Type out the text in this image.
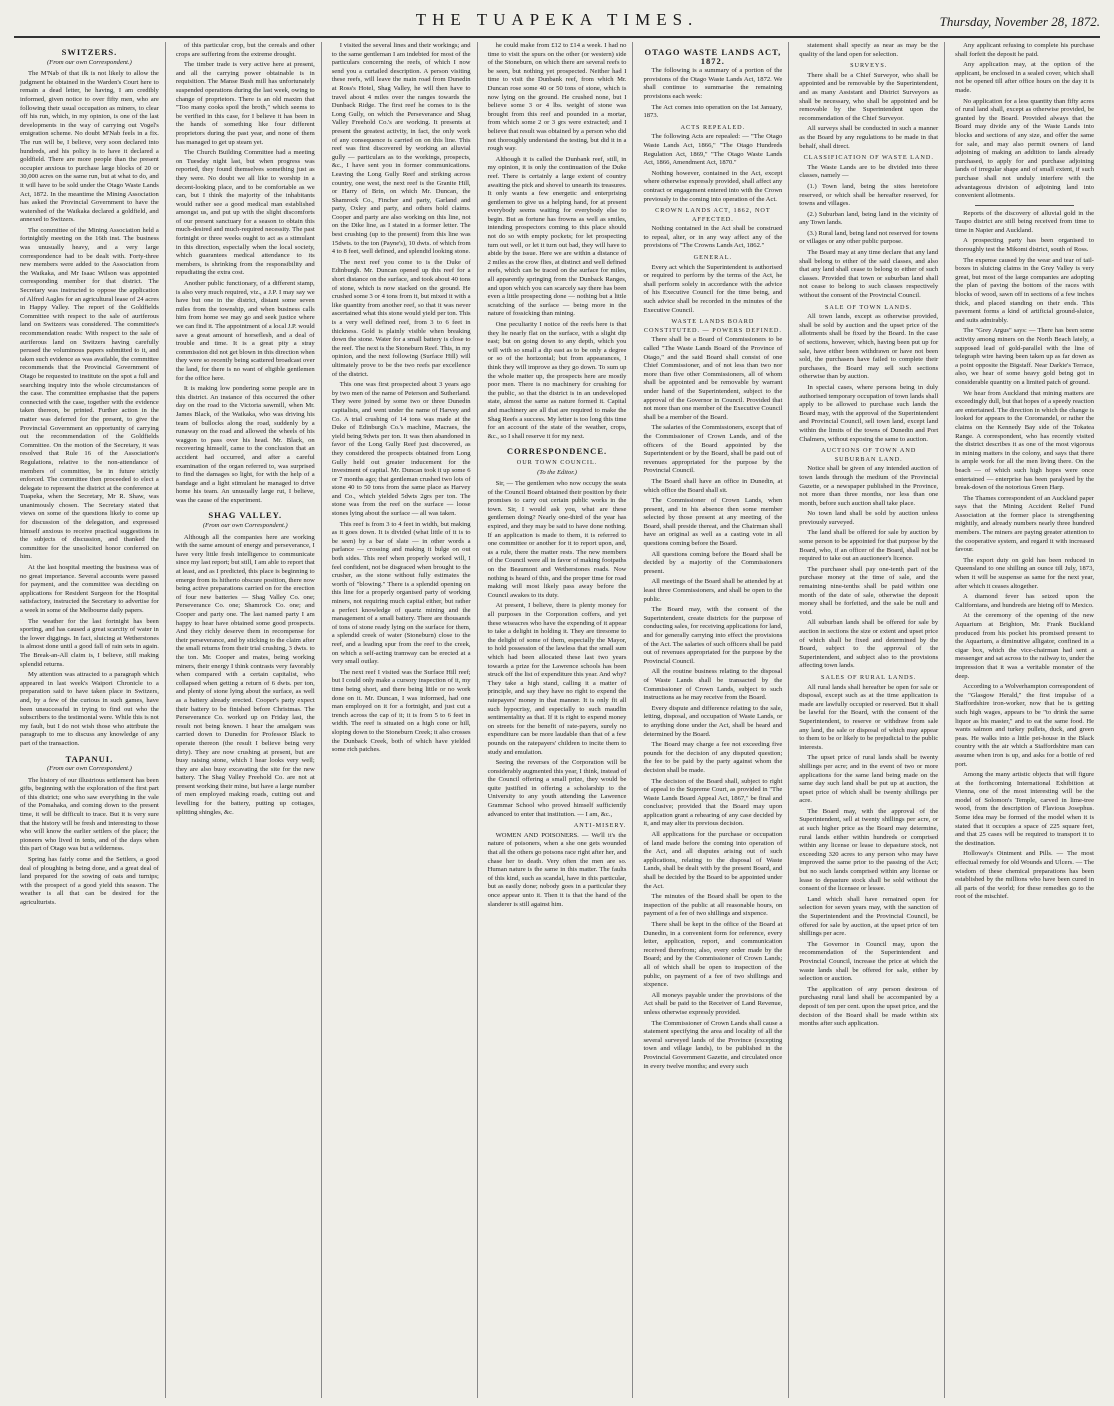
THE TUAPEKA TIMES.	Thursday, November 28, 1872.
SWITZERS.
(From our own Correspondent.)

The M'Nab of that ilk is not likely to allow the judgment he obtained in the Warden's Court here to remain a dead letter, he having, I am credibly informed, given notice to over fifty men, who are following their usual occupation as miners, to clear off his run, which, in my opinion, is one of the last developments in the way of carrying out Vogel's emigration scheme. No doubt M'Nab feels in a fix. The run will be, I believe, very soon declared into hundreds, and his policy is to have it declared a goldfield. There are more people than the present occupier anxious to purchase large blocks of 20 or 30,000 acres on the same run, but at what to do, and it will have to be sold under the Otago Waste Lands Act, 1872. In the meantime the Mining Association has asked the Provincial Government to have the watershed of the Waikaka declared a goldfield, and annexed to Switzers.

The committee of the Mining Association held a fortnightly meeting on the 16th inst. The business was unusually heavy, and a very large correspondence had to be dealt with. Forty-three new members were added to the Association from the Waikaka, and Mr Isaac Wilson was appointed corresponding member for that district. The Secretary was instructed to oppose the application of Alfred Aagles for an agricultural lease of 24 acres in Happy Valley. The report of the Goldfields Committee with respect to the sale of auriferous land on Switzers was considered. The committee's recommendation reads: With respect to the sale of auriferous land on Switzers having carefully perused the voluminous papers submitted to it, and taken such evidence as was available, the committee recommends that the Provincial Government of Otago be requested to institute on the spot a full and searching inquiry into the whole circumstances of the case. The committee emphasise that the papers connected with the case, together with the evidence taken thereon, be printed. Further action in the matter was deferred for the present, to give the Provincial Government an opportunity of carrying out the recommendation of the Goldfields Committee. On the motion of the Secretary, it was resolved that Rule 16 of the Association's Regulations, relative to the non-attendance of members of committee, be in future strictly enforced. The committee then proceeded to elect a delegate to represent the district at the conference at Tuapeka, when the Secretary, Mr R. Shaw, was unanimously chosen. The Secretary stated that views on some of the questions likely to come up for discussion of the delegation, and expressed himself anxious to receive practical suggestions in the subjects of discussion, and thanked the committee for the unsolicited honor conferred on him.

At the last hospital meeting the business was of no great importance. Several accounts were passed for payment, and the committee was deciding on applications for Resident Surgeon for the Hospital satisfactory, instructed the Secretary to advertise for a week in some of the Melbourne daily papers.

The weather for the last fortnight has been sporting, and has caused a great scarcity of water in the lower diggings. In fact, sluicing at Wetherstones is almost done until a good fall of rain sets in again. The Break-an-All claim is, I believe, still making splendid returns.

My attention was attracted to a paragraph which appeared in last week's Waipori Chronicle to a preparation said to have taken place in Switzers, and, by a few of the curious in such games, have been unsuccessful in trying to find out who the subscribers to the testimonial were. While this is not my fault, but I do not wish those who attribute the paragraph to me to discuss any knowledge of any part of the transaction.

TAPANUI.
(From our own Correspondent.)

The history of our illustrious settlement has been gifts, beginning with the exploration of the first part of this district; one who saw everything in the vale of the Pomahaka, and coming down to the present time, it will be difficult to trace. But it is very sure that the history will be fresh and interesting to those who will know the earlier settlers of the place; the pioneers who lived in tents, and of the days when this part of Otago was but a wilderness.

Spring has fairly come and the Settlers, a good deal of ploughing is being done, and a great deal of land prepared for the sowing of oats and turnips; with the prospect of a good yield this season. The weather is all that can be desired for the agriculturists.

of this particular crop, but the cereals and other crops are suffering from the extreme drought.

The timber trade is very active here at present, and all the carrying power obtainable is in requisition. The Manse Bush mill has unfortunately suspended operations during the last week, owing to change of proprietors. There is an old maxim that "Too many cooks spoil the broth," which seems to be verified in this case, for I believe it has been in the hands of something like four different proprietors during the past year, and none of them has managed to get up steam yet.

The Church Building Committee had a meeting on Tuesday night last, but when progress was reported, they found themselves something just as they were. No doubt we all like to worship in a decent-looking place, and to be comfortable as we can, but I think the majority of the inhabitants would rather see a good medical man established amongst us, and put up with the slight discomforts of our present sanctuary for a season to obtain this much-desired and much-required necessity. The past fortnight or three weeks ought to act as a stimulant in this direction, especially when the local society, which guarantees medical attendance to its members, is shrinking from the responsibility and repudiating the extra cost.

Another public functionary, of a different stamp, is also very much required, viz., a J.P. I may say we have but one in the district, distant some seven miles from the township, and when business calls him from home we may go and seek justice where we can find it. The appointment of a local J.P. would save a great amount of horseflesh, and a deal of trouble and time. It is a great pity a stray commission did not get blown in this direction when they were so recently being scattered broadcast over the land, for there is no want of eligible gentlemen for the office here.

It is making low pondering some people are in this district. An instance of this occurred the other day on the road to the Victoria sawmill, when Mr. James Black, of the Waikaka, who was driving his team of bullocks along the road, suddenly by a runaway on the road and allowed the wheels of his waggon to pass over his head. Mr. Black, on recovering himself, came to the conclusion that an accident had occurred, and after a careful examination of the organ referred to, was surprised to find the damages so light, for with the help of a bandage and a light stimulant he managed to drive home his team. An unusually large rut, I believe, was the cause of the experiment.

SHAG VALLEY.
(From our own Correspondent.)

Although all the companies here are working with the same amount of energy and perseverance, I have very little fresh intelligence to communicate since my last report; but still, I am able to report that at least, and as I predicted, this place is beginning to emerge from its hitherto obscure position, there now being active preparations carried on for the erection of four new batteries — Shag Valley Co. one; Perseverance Co. one; Shamrock Co. one; and Cooper and party one. The last named party I am happy to hear have obtained some good prospects. And they richly deserve them in recompense for their perseverance, and by sticking to the claim after the small returns from their trial crushing, 3 dwts. to the ton. Mr. Cooper and mates, being working miners, their energy I think contrasts very favorably when compared with a certain capitalist, who collapsed when getting a return of 6 dwts. per ton, and plenty of stone lying about the surface, as well as a battery already erected. Cooper's party expect their battery to be finished before Christmas. The Perseverance Co. worked up on Friday last, the result not being known. I hear the amalgam was carried down to Dunedin for Professor Black to operate thereon (the result I believe being very dirty). They are now crushing at present, but are busy raising stone, which I hear looks very well; they are also busy excavating the site for the new battery. The Shag Valley Freehold Co. are not at present working their mine, but have a large number of men employed making roads, cutting out and levelling for the battery, putting up cottages, splitting shingles, &c.

I visited the several lines and their workings; and to the same gentleman I am indebted for most of the particulars concerning the reefs, of which I now send you a curtailed description. A person visiting these reefs, will leave the main road from Dunedin at Ross's Hotel, Shag Valley, he will then have to travel about 4 miles over the ranges towards the Dunback Ridge. The first reef he comes to is the Long Gully, on which the Perseverance and Shag Valley Freehold Co.'s are working. It presents at present the greatest activity, in fact, the only work of any consequence is carried on on this line. This reef was first discovered by working an alluvial gully — particulars as to the workings, prospects, &c., I have sent you in former communications. Leaving the Long Gully Reef and striking across country, one west, the next reef is the Granite Hill, or Harry of Brin, on which Mr. Duncan, the Shamrock Co., Fincher and party, Garland and party, Oxley and party, and others hold claims. Cooper and party are also working on this line, not on the Dike line, as I stated in a former letter. The best crushing (up to the present) from this line was 15dwts. to the ton (Payne's), 10 dwts. of which from 4 to 8 feet, well defined, and splendid looking stone.

The next reef you come to is the Duke of Edinburgh. Mr. Duncan opened up this reef for a short distance on the surface, and took about 40 tons of stone, which is now stacked on the ground. He crushed some 3 or 4 tons from it, but mixed it with a like quantity from another reef, so that it was never ascertained what this stone would yield per ton. This is a very well defined reef, from 3 to 6 feet in thickness. Gold is plainly visible when breaking down the stone. Water for a small battery is close to the reef. The next is the Stoneburn Reef. This, in my opinion, and the next following (Surface Hill) will ultimately prove to be the two reefs par excellence of the district.

This one was first prospected about 3 years ago by two men of the name of Peterson and Sutherland. They were joined by some two or three Dunedin capitalists, and went under the name of Harvey and Co. A trial crushing of 14 tons was made at the Duke of Edinburgh Co.'s machine, Macraes, the yield being 9dwts per ton. It was then abandoned in favor of the Long Gully Reef just discovered, as they considered the prospects obtained from Long Gully held out greater inducement for the investment of capital. Mr. Duncan took it up some 6 or 7 months ago; that gentleman crushed two lots of stone 40 to 50 tons from the same place as Harvey and Co., which yielded 5dwts 2grs per ton. The stone was from the reef on the surface — loose stones lying about the surface — all was taken.

This reef is from 3 to 4 feet in width, but making as it goes down. It is divided (what little of it is to be seen) by a bar of slate — in other words a parlance — crossing and making it bulge on out both sides. This reef when properly worked will, I feel confident, not be disgraced when brought to the crusher, as the stone without fully estimates the worth of "blowing." There is a splendid opening on this line for a properly organised party of working miners, not requiring much capital either, but rather a perfect knowledge of quartz mining and the management of a small battery. There are thousands of tons of stone ready lying on the surface for them, a splendid creek of water (Stoneburn) close to the reef, and a leading spur from the reef to the creek, on which a self-acting tramway can be erected at a very small outlay.

The next reef I visited was the Surface Hill reef; but I could only make a cursory inspection of it, my time being short, and there being little or no work done on it. Mr. Duncan, I was informed, had one man employed on it for a fortnight, and just cut a trench across the cap of it; it is from 5 to 6 feet in width. The reef is situated on a high cone or hill, sloping down to the Stoneburn Creek; it also crosses the Dunback Creek, both of which have yielded some rich patches.

he could make from £12 to £14 a week. I had no time to visit the spurs on the other (or western) side of the Stoneburn, on which there are several reefs to be seen, but nothing yet prospected. Neither had I time to visit the Dunbank reef, from which Mr. Duncan rose some 40 or 50 tons of stone, which is now lying on the ground. He crushed none, but I believe some 3 or 4 lbs. weight of stone was brought from this reef and pounded in a mortar, from which some 2 or 3 grs were extracted; and I believe that result was obtained by a person who did not thoroughly understand the testing, but did it in a rough way.

Although it is called the Dunbank reef, still, in my opinion, it is only the continuation of the Duke reef. There is certainly a large extent of country awaiting the pick and shovel to unearth its treasures. It only wants a few energetic and enterprising gentlemen to give us a helping hand, for at present everybody seems waiting for everybody else to begin. But as fortune has frowns as well as smiles, intending prospectors coming to this place should not do so with empty pockets; for let prospecting turn out well, or let it turn out bad, they will have to abide by the issue. Here we are within a distance of 2 miles as the crow flies, at distinct and well defined reefs, which can be traced on the surface for miles, all apparently springing from the Dunback Ranges, and upon which you can scarcely say there has been even a little prospecting done — nothing but a little scratching of the surface — being more in the nature of fossicking than mining.

One peculiarity I notice of the reefs here is that they lie nearly flat on the surface, with a slight dip east; but on going down to any depth, which you will with so small a dip east as to be only a degree or so of the horizontal; but from appearances, I think they will improve as they go down. To sum up the whole matter up, the prospects here are mostly poor men. There is no machinery for crushing for the public, so that the district is in an undeveloped state, almost the same as nature formed it. Capital and machinery are all that are required to make the Shag Reefs a success. My letter is too long this time for an account of the state of the weather, crops, &c., so I shall reserve it for my next.

CORRESPONDENCE.
OUR TOWN COUNCIL.
(To the Editor.)

Sir, — The gentlemen who now occupy the seats of the Council Board obtained their position by their promises to carry out certain public works in the town. Sir, I would ask you, what are these gentlemen doing? Nearly one-third of the year has expired, and they may be said to have done nothing. If an application is made to them, it is referred to one committee or another for it to report upon, and, as a rule, there the matter rests. The new members of the Council were all in favor of making footpaths on the Beaumont and Wetherstones roads. Now nothing is heard of this, and the proper time for road making will most likely pass away before the Council awakes to its duty.

At present, I believe, there is plenty money for all purposes in the Corporation coffers, and yet these wiseacres who have the expending of it appear to take a delight in holding it. They are tiresome to the delight of some of them, especially the Mayor, to hold possession of the lawless that the small sum which had been allocated these last two years towards a prize for the Lawrence schools has been struck off the list of expenditure this year. And why? They take a high stand, calling it a matter of principle, and say they have no right to expend the ratepayers' money in that manner. It is only fit all such hypocrisy, and especially to such maudlin sentimentality as that. If it is right to expend money on streets for the benefit of rate-payers, surely no expenditure can be more laudable than that of a few pounds on the ratepayers' children to incite them to study and emulation.

Seeing the reverses of the Corporation will be considerably augmented this year, I think, instead of the Council offering a small prize, they would be quite justified in offering a scholarship to the University to any youth attending the Lawrence Grammar School who proved himself sufficiently advanced to enter that institution. — I am, &c.,

ANTI-MISERY.

WOMEN AND POISONERS. — We'll it's the nature of poisoners, when a she one gets wounded that all the others go poisons race right after her, and chase her to death. Very often the men are so. Human nature is the same in this matter. The faults of this kind, such as scandal, have in this particular, but as easily done; nobody goes in a particular they once appear unto it. Then it is that the hand of the slanderer is still against him.

OTAGO WASTE LANDS ACT, 1872.

The following is a summary of a portion of the provisions of the Otago Waste Lands Act, 1872. We shall continue to summarise the remaining provisions each week:

The Act comes into operation on the 1st January, 1873.

ACTS REPEALED.

The following Acts are repealed: — "The Otago Waste Lands Act, 1866," "The Otago Hundreds Regulation Act, 1869," "The Otago Waste Lands Act, 1866, Amendment Act, 1870."

Nothing however, contained in the Act, except where otherwise expressly provided, shall affect any contract or engagement entered into with the Crown previously to the coming into operation of the Act.

CROWN LANDS ACT, 1862, NOT AFFECTED.

Nothing contained in the Act shall be construed to repeal, alter, or in any way affect any of the provisions of "The Crowns Lands Act, 1862."

GENERAL.

Every act which the Superintendent is authorised or required to perform by the terms of the Act, he shall perform solely in accordance with the advice of his Executive Council for the time being, and such advice shall be recorded in the minutes of the Executive Council.

WASTE LANDS BOARD CONSTITUTED. — POWERS DEFINED.

There shall be a Board of Commissioners to be called "The Waste Lands Board of the Province of Otago," and the said Board shall consist of one Chief Commissioner, and of not less than two nor more than five other Commissioners, all of whom shall be appointed and be removable by warrant under hand of the Superintendent, subject to the approval of the Governor in Council. Provided that not more than one member of the Executive Council shall be a member of the Board.

The salaries of the Commissioners, except that of the Commissioner of Crown Lands, and of the officers of the Board appointed by the Superintendent or by the Board, shall be paid out of revenues appropriated for the purpose by the Provincial Council.

The Board shall have an office in Dunedin, at which office the Board shall sit.

The Commissioner of Crown Lands, when present, and in his absence then some member selected by those present at any meeting of the Board, shall preside thereat, and the Chairman shall have an original as well as a casting vote in all questions coming before the Board.

All questions coming before the Board shall be decided by a majority of the Commissioners present.

All meetings of the Board shall be attended by at least three Commissioners, and shall be open to the public.

The Board may, with the consent of the Superintendent, create districts for the purpose of conducting sales, for receiving applications for land, and for generally carrying into effect the provisions of the Act. The salaries of such officers shall be paid out of revenues appropriated for the purpose by the Provincial Council.

All the routine business relating to the disposal of Waste Lands shall be transacted by the Commissioner of Crown Lands, subject to such instructions as he may receive from the Board.

Every dispute and difference relating to the sale, letting, disposal, and occupation of Waste Lands, or to anything done under the Act, shall be heard and determined by the Board.

The Board may charge a fee not exceeding five pounds for the decision of any disputed question; the fee to be paid by the party against whom the decision shall be made.

The decision of the Board shall, subject to right of appeal to the Supreme Court, as provided in "The Waste Lands Board Appeal Act, 1867," be final and conclusive; provided that the Board may upon application grant a rehearing of any case decided by it, and may alter its previous decision.

All applications for the purchase or occupation of land made before the coming into operation of the Act, and all disputes arising out of such applications, relating to the disposal of Waste Lands, shall be dealt with by the present Board, and shall be decided by the Board to be appointed under the Act.

The minutes of the Board shall be open to the inspection of the public at all reasonable hours, on payment of a fee of two shillings and sixpence.

There shall be kept in the office of the Board at Dunedin, in a convenient form for reference, every letter, application, report, and communication received therefrom; also, every order made by the Board; and by the Commissioner of Crown Lands; all of which shall be open to inspection of the public, on payment of a fee of two shillings and sixpence.

All moneys payable under the provisions of the Act shall be paid to the Receiver of Land Revenue, unless otherwise expressly provided.

The Commissioner of Crown Lands shall cause a statement specifying the area and locality of all the several surveyed lands of the Province (excepting town and village lands), to be published in the Provincial Government Gazette, and circulated once in every twelve months; and every such

statement shall specify as near as may be the quality of the land open for selection.

SURVEYS.

There shall be a Chief Surveyor, who shall be appointed and be removable by the Superintendent, and as many Assistant and District Surveyors as shall be necessary, who shall be appointed and be removable by the Superintendent upon the recommendation of the Chief Surveyor.

All surveys shall be conducted in such a manner as the Board by any regulations to be made in that behalf, shall direct.

CLASSIFICATION OF WASTE LAND.

The Waste Lands are to be divided into three classes, namely —

(1.) Town land, being the sites heretofore reserved, or which shall be hereafter reserved, for towns and villages.

(2.) Suburban land, being land in the vicinity of any Town lands.

(3.) Rural land, being land not reserved for towns or villages or any other public purpose.

The Board may at any time declare that any land shall belong to either of the said classes, and also that any land shall cease to belong to either of such classes. Provided that town or suburban land shall not cease to belong to such classes respectively without the consent of the Provincial Council.

SALE OF TOWN LANDS.

All town lands, except as otherwise provided, shall be sold by auction and the upset price of the allotments shall be fixed by the Board. In the case of sections, however, which, having been put up for sale, have either been withdrawn or have not been sold, the purchasers have failed to complete their purchases, the Board may sell such sections otherwise than by auction.

In special cases, where persons being in duly authorised temporary occupation of town lands shall apply to be allowed to purchase such lands the Board may, with the approval of the Superintendent and Provincial Council, sell town land, except land within the limits of the towns of Dunedin and Port Chalmers, without exposing the same to auction.

AUCTIONS OF TOWN AND SUBURBAN LAND.

Notice shall be given of any intended auction of town lands through the medium of the Provincial Gazette, or a newspaper published in the Province, not more than three months, nor less than one month, before such auction shall take place.

No town land shall be sold by auction unless previously surveyed.

The land shall be offered for sale by auction by some person to be appointed for that purpose by the Board, who, if an officer of the Board, shall not be required to take out an auctioneer's licence.

The purchaser shall pay one-tenth part of the purchase money at the time of sale, and the remaining nine-tenths shall be paid within one month of the date of sale, otherwise the deposit money shall be forfeited, and the sale be null and void.

All suburban lands shall be offered for sale by auction in sections the size or extent and upset price of which shall be fixed and determined by the Board, subject to the approval of the Superintendent, and subject also to the provisions affecting town lands.

SALES OF RURAL LANDS.

All rural lands shall hereafter be open for sale or disposal, except such as at the time application is made are lawfully occupied or reserved. But it shall be lawful for the Board, with the consent of the Superintendent, to reserve or withdraw from sale any land, the sale or disposal of which may appear to them to be or likely to be prejudicial to the public interests.

The upset price of rural lands shall be twenty shillings per acre; and in the event of two or more applications for the same land being made on the same day such land shall be put up at auction, the upset price of which shall be twenty shillings per acre.

The Board may, with the approval of the Superintendent, sell at twenty shillings per acre, or at such higher price as the Board may determine, rural lands either within hundreds or comprised within any license or lease to depasture stock, not exceeding 320 acres to any person who may have improved the same prior to the passing of the Act; but no such lands comprised within any license or lease to depasture stock shall be sold without the consent of the licensee or lessee.

Land which shall have remained open for selection for seven years may, with the sanction of the Superintendent and the Provincial Council, be offered for sale by auction, at the upset price of ten shillings per acre.

The Governor in Council may, upon the recommendation of the Superintendent and Provincial Council, increase the price at which the waste lands shall be offered for sale, either by selection or auction.

The application of any person desirous of purchasing rural land shall be accompanied by a deposit of ten per cent. upon the upset price, and the decision of the Board shall be made within six months after such application.

Any applicant refusing to complete his purchase shall forfeit the deposit he paid.

Any application may, at the option of the applicant, be enclosed in a sealed cover, which shall not be opened till after office hours on the day it is made.

No application for a less quantity than fifty acres of rural land shall, except as otherwise provided, be granted by the Board. Provided always that the Board may divide any of the Waste Lands into blocks and sections of any size, and offer the same for sale, and may also permit owners of land adjoining of making an addition to lands already purchased, to apply for and purchase adjoining lands of irregular shape and of small extent, if such purchase shall not unduly interfere with the advantageous division of adjoining land into convenient allotments.

Reports of the discovery of alluvial gold in the Taupo district are still being received from time to time in Napier and Auckland.

A prospecting party has been organised to thoroughly test the Mikomi district, south of Ross.

The expense caused by the wear and tear of tail-boxes in sluicing claims in the Grey Valley is very great, but most of the large companies are adopting the plan of paving the bottom of the races with blocks of wood, sawn off in sections of a few inches thick, and placed standing on their ends. This pavement forms a kind of artificial ground-sluice, and suits admirably.

The "Grey Argus" says: — There has been some activity among miners on the North Beach lately, a supposed lead of gold-parallel with the line of telegraph wire having been taken up as far down as a point opposite the Bigstaff. Near Darkie's Terrace, also, we hear of some heavy gold being got in considerable quantity on a limited patch of ground.

We hear from Auckland that mining matters are exceedingly dull, but that hopes of a speedy reaction are entertained. The direction in which the change is looked for appears to the Coromandel, or rather the claims on the Kennedy Bay side of the Tokatea Range. A correspondent, who has recently visited the district describes it as one of the most vigorous in mining matters in the colony, and says that there is ample work for all the men living there. On the beach — of which such high hopes were once entertained — enterprise has been paralysed by the break-down of the notorious Green Harp.

The Thames correspondent of an Auckland paper says that the Mining Accident Relief Fund Association at the former place is strengthening mightily, and already numbers nearly three hundred members. The miners are paying greater attention to the cooperative system, and regard it with increased favour.

The export duty on gold has been reduced in Queensland to one shilling an ounce till July, 1873, when it will be suspense as same for the next year, after which it ceases altogether.

A diamond fever has seized upon the Californians, and hundreds are hieing off to Mexico.

At the ceremony of the opening of the new Aquarium at Brighton, Mr. Frank Buckland produced from his pocket his promised present to the Aquarium, a diminutive alligator, confined in a cigar box, which the vice-chairman had sent a messenger and sat across to the railway to, under the impression that it was a veritable monster of the deep.

According to a Wolverhampton correspondent of the "Glasgow Herald," the first impulse of a Staffordshire iron-worker, now that he is getting such high wages, appears to be "to drink the same liquor as his master," and to eat the same food. He wants salmon and turkey pullets, duck, and green peas. He walks into a little pet-house in the Black country with the air which a Staffordshire man can assume when iron is up, and asks for a bottle of red port.

Among the many artistic objects that will figure at the forthcoming International Exhibition at Vienna, one of the most interesting will be the model of Solomon's Temple, carved in lime-tree wood, from the description of Flavious Josephus. Some idea may be formed of the model when it is stated that it occupies a space of 225 square feet, and that 25 cases will be required to transport it to the destination.

Holloway's Ointment and Pills. — The most effectual remedy for old Wounds and Ulcers. — The wisdom of these chemical preparations has been established by the millions who have been cured in all parts of the world; for these remedies go to the root of the mischief.
